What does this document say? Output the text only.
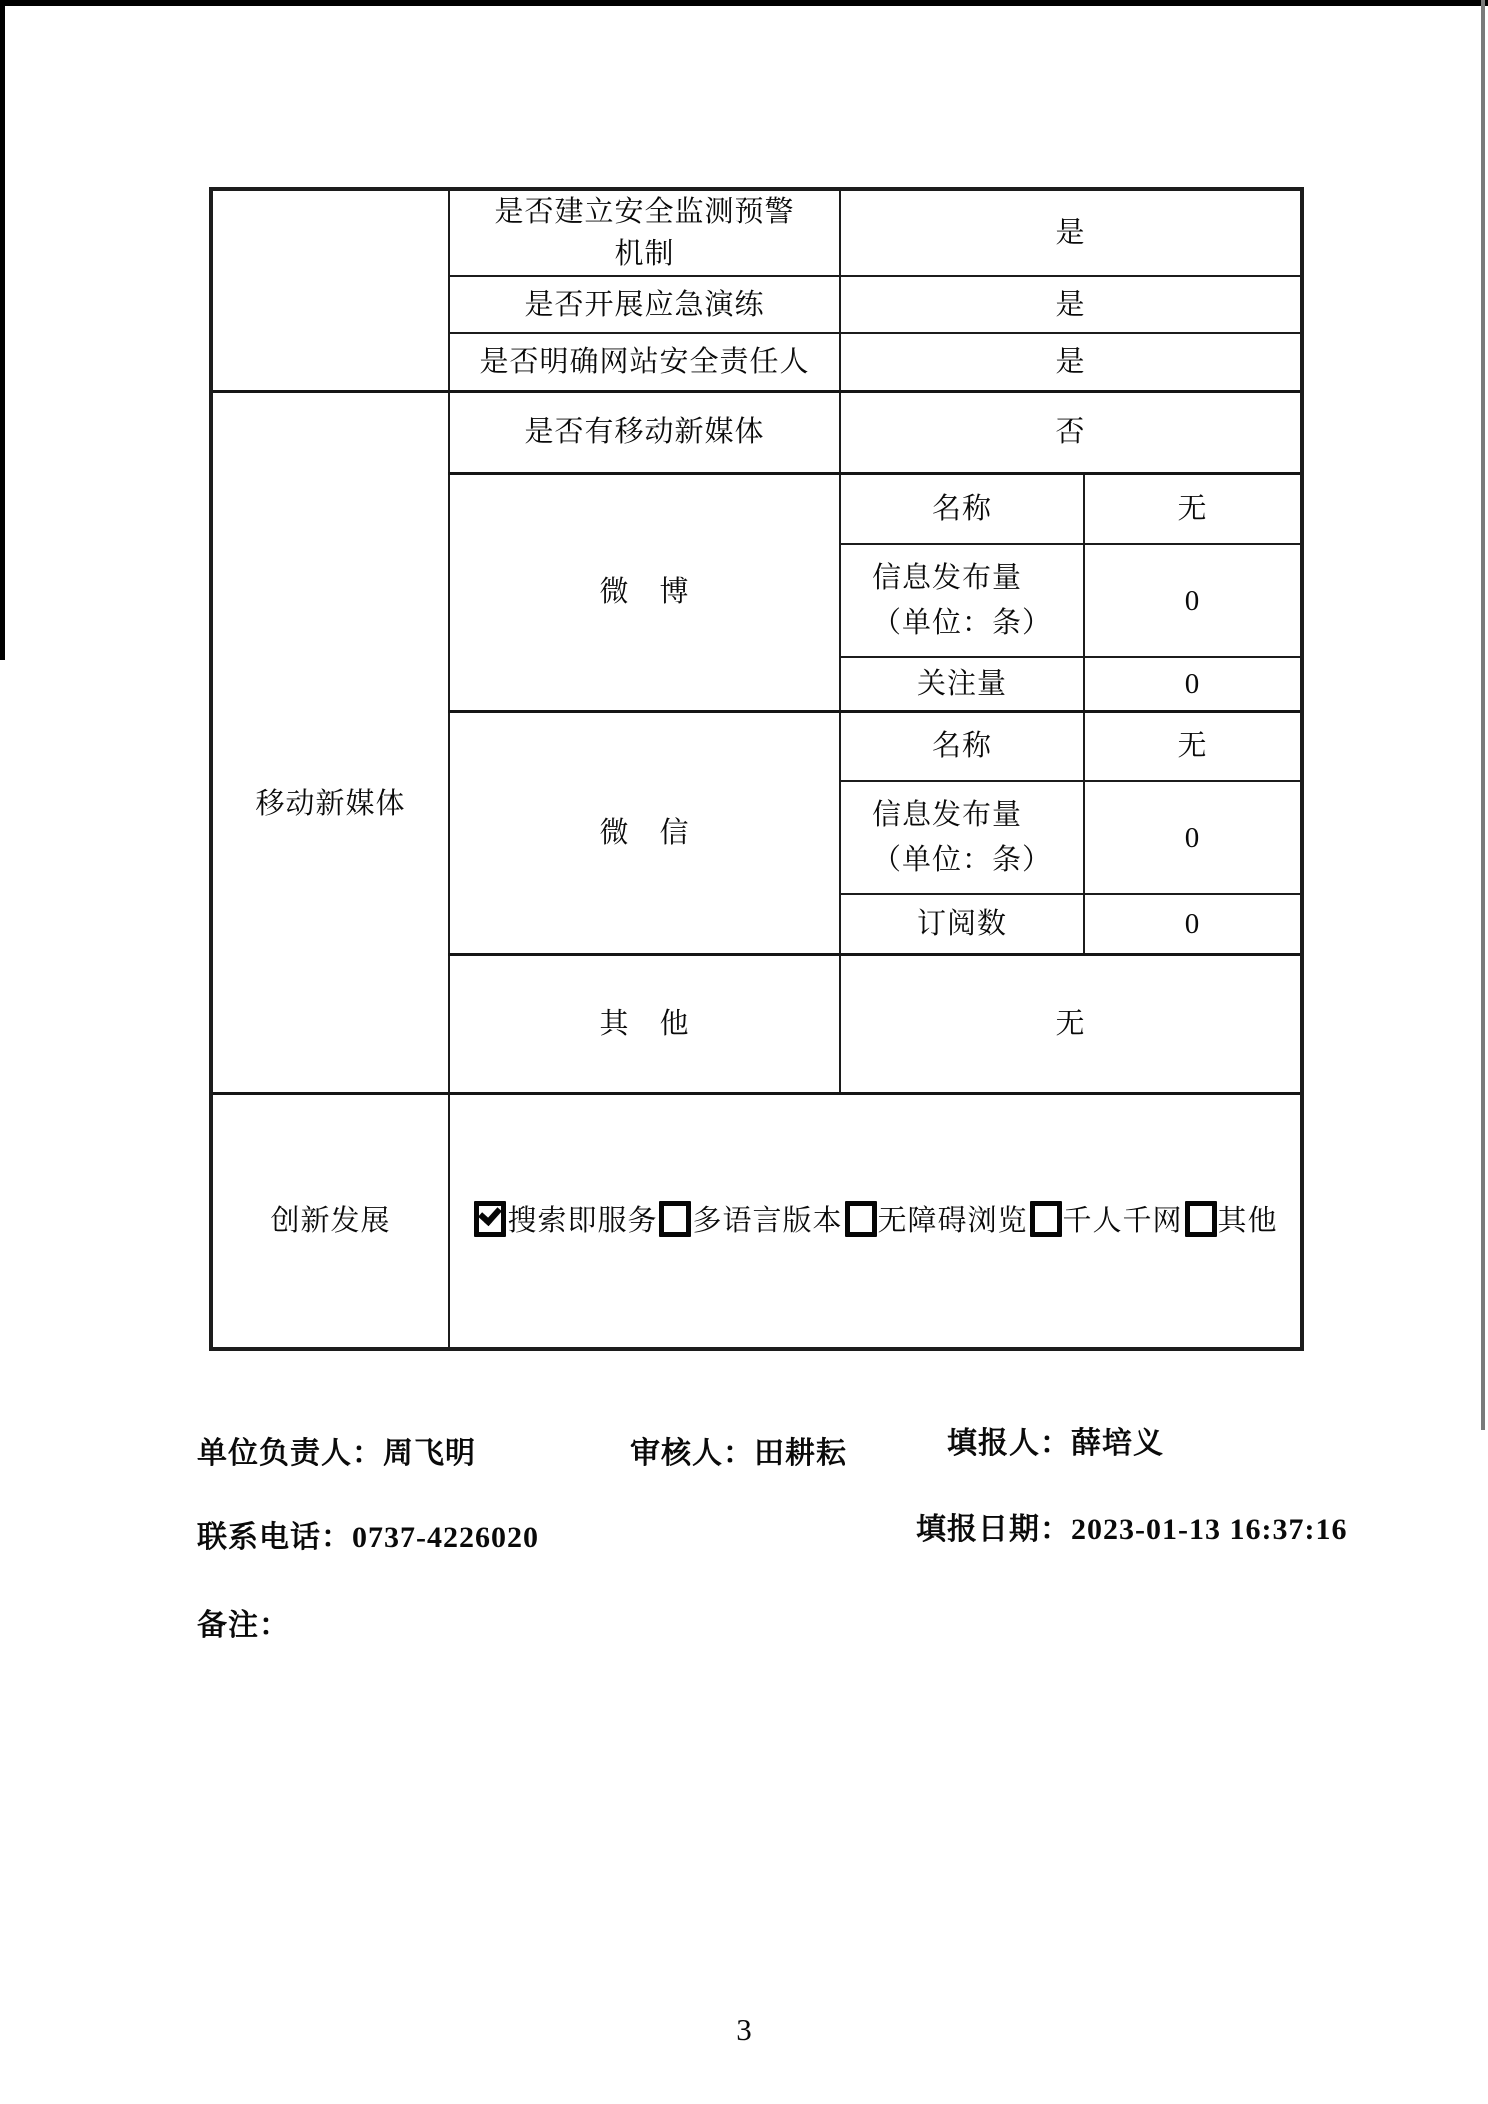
	是否建立安全监测预警
机制	是	
	是否开展应急演练	是	
	是否明确网站安全责任人	是	

移动新媒体	是否有移动新媒体	否	
	微　博	名称	无

		信息发布量
（单位：条）	0
		关注量	0
	微　信	名称	无

		信息发布量
（单位：条）	0
		订阅数	0
	其　他	无	
创新发展	搜索即服务 多语言版本 无障碍浏览 千人千网 其他		
单位负责人：周飞明	审核人：田耕耘	填报人：薛培义
联系电话：0737-4226020	填报日期：2023-01-13 16:37:16
备注：
3
